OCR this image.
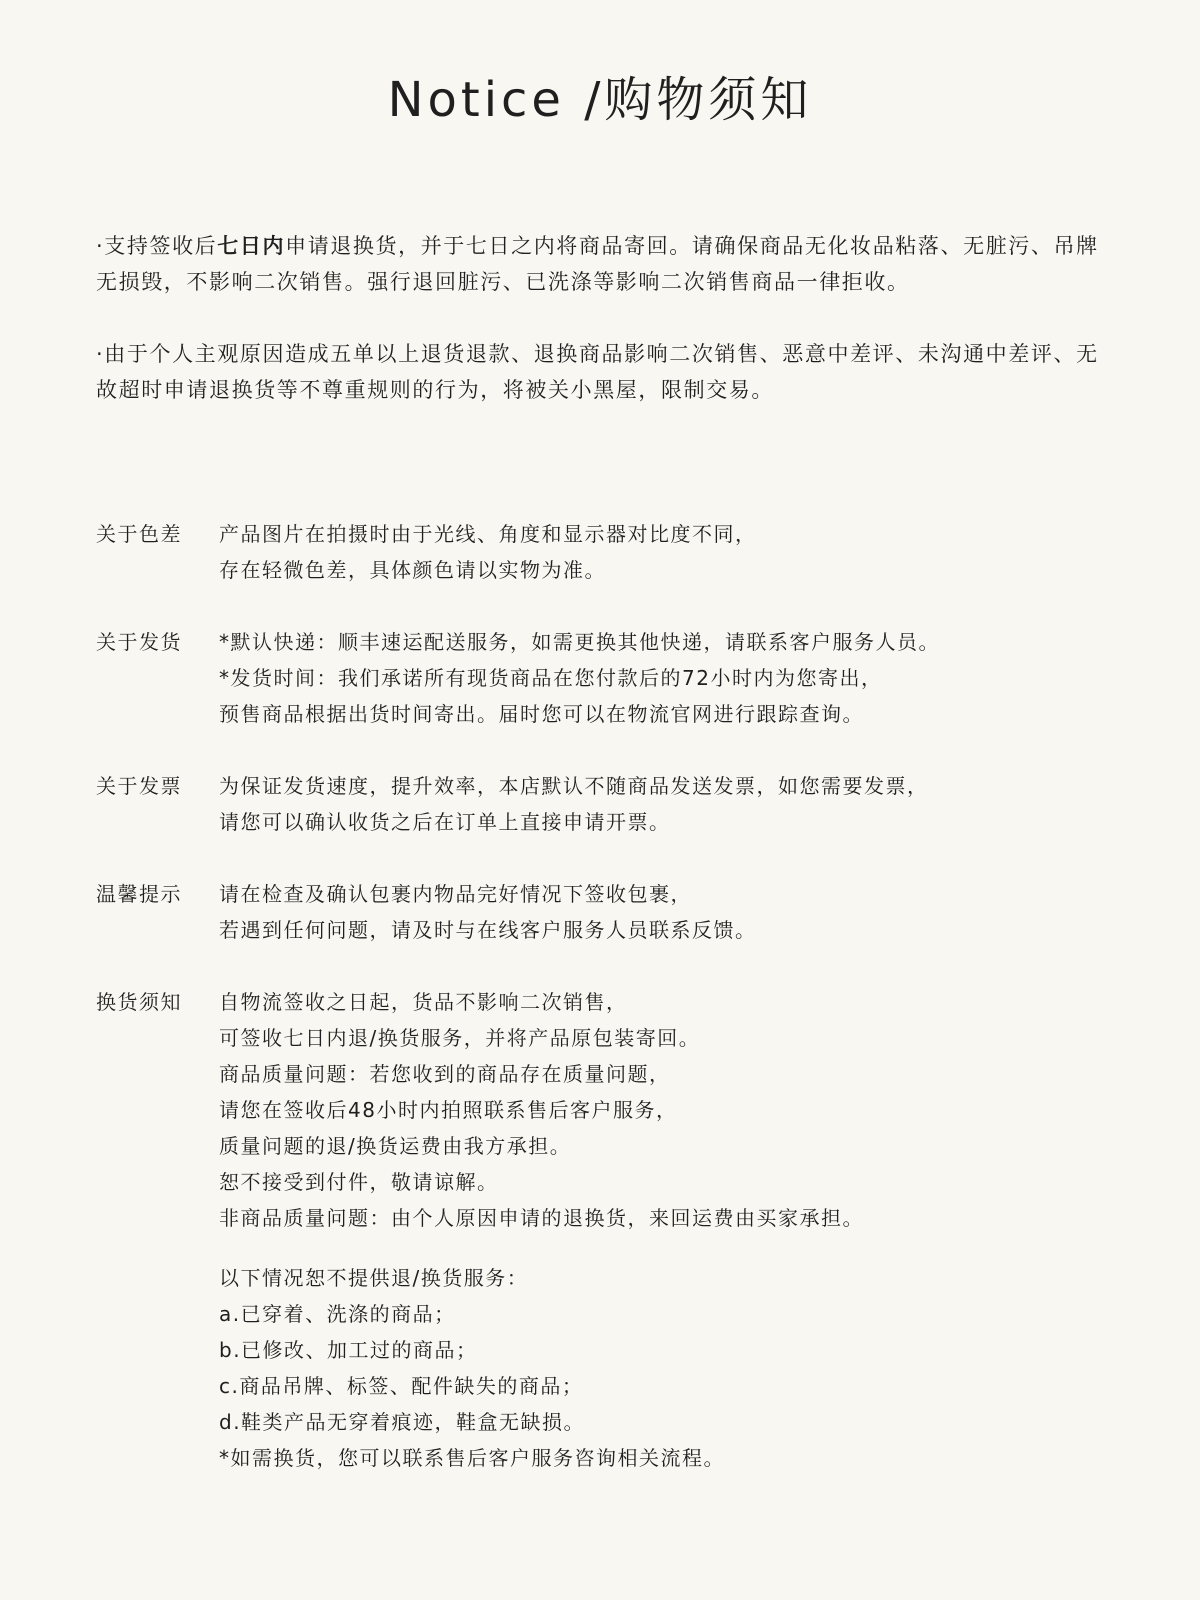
Notice /购物须知

·支持签收后七日内申请退换货，并于七日之内将商品寄回。请确保商品无化妆品粘落、无脏污、吊牌无损毁，不影响二次销售。强行退回脏污、已洗涤等影响二次销售商品一律拒收。

·由于个人主观原因造成五单以上退货退款、退换商品影响二次销售、恶意中差评、未沟通中差评、无故超时申请退换货等不尊重规则的行为，将被关小黑屋，限制交易。

关于色差 产品图片在拍摄时由于光线、角度和显示器对比度不同，
存在轻微色差，具体颜色请以实物为准。
关于发货 *默认快递：顺丰速运配送服务，如需更换其他快递，请联系客户服务人员。
*发货时间：我们承诺所有现货商品在您付款后的72小时内为您寄出，
预售商品根据出货时间寄出。届时您可以在物流官网进行跟踪查询。
关于发票 为保证发货速度，提升效率，本店默认不随商品发送发票，如您需要发票，
请您可以确认收货之后在订单上直接申请开票。
温馨提示 请在检查及确认包裹内物品完好情况下签收包裹，
若遇到任何问题，请及时与在线客户服务人员联系反馈。
换货须知 自物流签收之日起，货品不影响二次销售，
可签收七日内退/换货服务，并将产品原包装寄回。
商品质量问题：若您收到的商品存在质量问题，
请您在签收后48小时内拍照联系售后客户服务，
质量问题的退/换货运费由我方承担。
恕不接受到付件，敬请谅解。
非商品质量问题：由个人原因申请的退换货，来回运费由买家承担。
以下情况恕不提供退/换货服务：
a.已穿着、洗涤的商品；
b.已修改、加工过的商品；
c.商品吊牌、标签、配件缺失的商品；
d.鞋类产品无穿着痕迹，鞋盒无缺损。
*如需换货，您可以联系售后客户服务咨询相关流程。
